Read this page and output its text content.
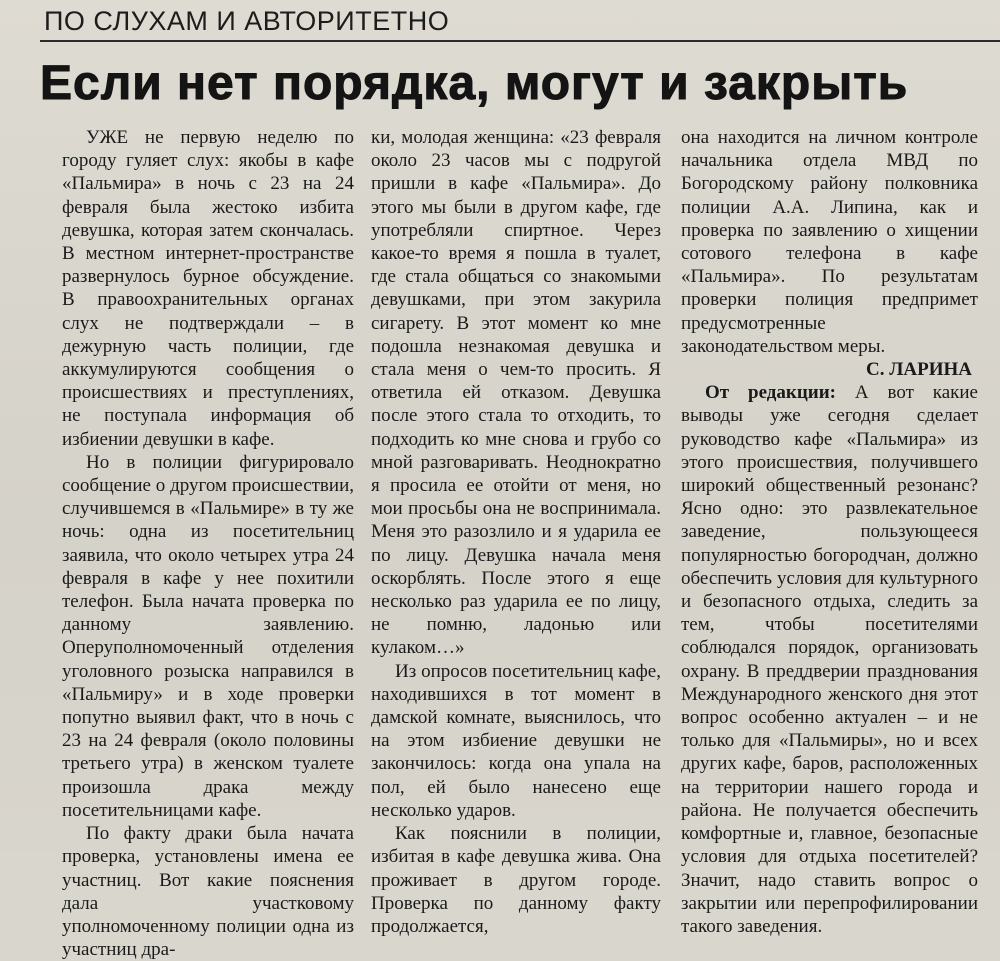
ПО СЛУХАМ И АВТОРИТЕТНО
Если нет порядка, могут и закрыть

УЖЕ не первую неделю по городу гуляет слух: якобы в кафе «Пальмира» в ночь с 23 на 24 февраля была жестоко избита девушка, которая затем скончалась. В местном интернет-пространстве развернулось бурное обсуждение. В правоохранительных органах слух не подтверждали – в дежурную часть полиции, где аккумулируются сообщения о происшествиях и преступлениях, не поступала информация об избиении девушки в кафе.

Но в полиции фигурировало сообщение о другом происшествии, случившемся в «Пальмире» в ту же ночь: одна из посетительниц заявила, что около четырех утра 24 февраля в кафе у нее похитили телефон. Была начата проверка по данному заявлению. Оперуполномоченный отделения уголовного розыска направился в «Пальмиру» и в ходе проверки попутно выявил факт, что в ночь с 23 на 24 февраля (около половины третьего утра) в женском туалете произошла драка между посетительницами кафе.

По факту драки была начата проверка, установлены имена ее участниц. Вот какие пояснения дала участковому уполномоченному полиции одна из участниц дра-

ки, молодая женщина: «23 февраля около 23 часов мы с подругой пришли в кафе «Пальмира». До этого мы были в другом кафе, где употребляли спиртное. Через какое-то время я пошла в туалет, где стала общаться со знакомыми девушками, при этом закурила сигарету. В этот момент ко мне подошла незнакомая девушка и стала меня о чем-то просить. Я ответила ей отказом. Девушка после этого стала то отходить, то подходить ко мне снова и грубо со мной разговаривать. Неоднократно я просила ее отойти от меня, но мои просьбы она не воспринимала. Меня это разозлило и я ударила ее по лицу. Девушка начала меня оскорблять. После этого я еще несколько раз ударила ее по лицу, не помню, ладонью или кулаком…»

Из опросов посетительниц кафе, находившихся в тот момент в дамской комнате, выяснилось, что на этом избиение девушки не закончилось: когда она упала на пол, ей было нанесено еще несколько ударов.

Как пояснили в полиции, избитая в кафе девушка жива. Она проживает в другом городе. Проверка по данному факту продолжается,

она находится на личном контроле начальника отдела МВД по Богородскому району полковника полиции А.А. Липина, как и проверка по заявлению о хищении сотового телефона в кафе «Пальмира». По результатам проверки полиция предпримет предусмотренные законодательством меры.

С. ЛАРИНА

От редакции: А вот какие выводы уже сегодня сделает руководство кафе «Пальмира» из этого происшествия, получившего широкий общественный резонанс? Ясно одно: это развлекательное заведение, пользующееся популярностью богородчан, должно обеспечить условия для культурного и безопасного отдыха, следить за тем, чтобы посетителями соблюдался порядок, организовать охрану. В преддверии празднования Международного женского дня этот вопрос особенно актуален – и не только для «Пальмиры», но и всех других кафе, баров, расположенных на территории нашего города и района. Не получается обеспечить комфортные и, главное, безопасные условия для отдыха посетителей? Значит, надо ставить вопрос о закрытии или перепрофилировании такого заведения.
